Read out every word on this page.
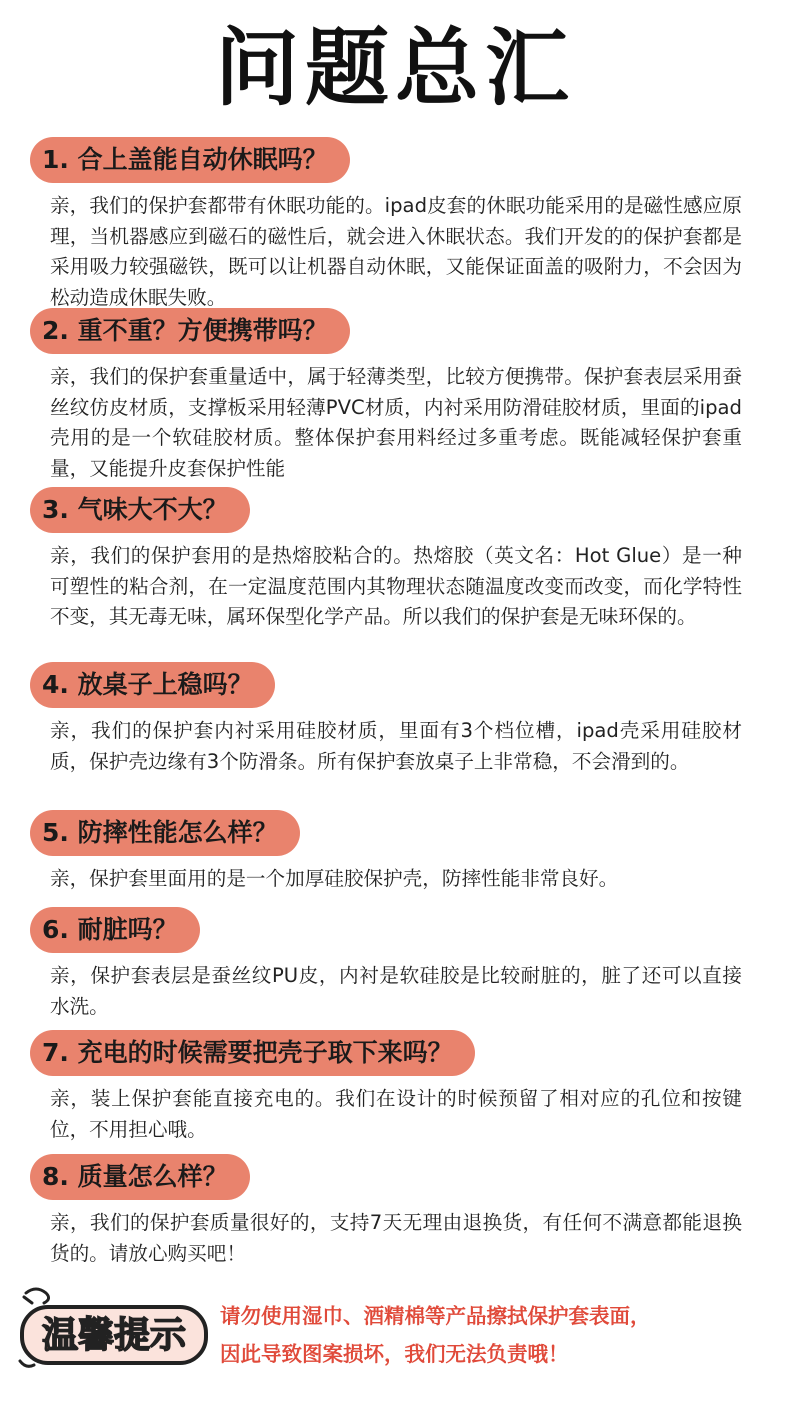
问题总汇
1. 合上盖能自动休眠吗？
亲，我们的保护套都带有休眠功能的。ipad皮套的休眠功能采用的是磁性感应原理，当机器感应到磁石的磁性后，就会进入休眠状态。我们开发的的保护套都是采用吸力较强磁铁，既可以让机器自动休眠，又能保证面盖的吸附力，不会因为松动造成休眠失败。
2. 重不重？方便携带吗？
亲，我们的保护套重量适中，属于轻薄类型，比较方便携带。保护套表层采用蚕丝纹仿皮材质，支撑板采用轻薄PVC材质，内衬采用防滑硅胶材质，里面的ipad壳用的是一个软硅胶材质。整体保护套用料经过多重考虑。既能减轻保护套重量，又能提升皮套保护性能
3. 气味大不大？
亲，我们的保护套用的是热熔胶粘合的。热熔胶（英文名：Hot Glue）是一种可塑性的粘合剂，在一定温度范围内其物理状态随温度改变而改变，而化学特性不变，其无毒无味，属环保型化学产品。所以我们的保护套是无味环保的。
4. 放桌子上稳吗？
亲，我们的保护套内衬采用硅胶材质，里面有3个档位槽，ipad壳采用硅胶材质，保护壳边缘有3个防滑条。所有保护套放桌子上非常稳，不会滑到的。
5. 防摔性能怎么样？
亲，保护套里面用的是一个加厚硅胶保护壳，防摔性能非常良好。
6. 耐脏吗？
亲，保护套表层是蚕丝纹PU皮，内衬是软硅胶是比较耐脏的，脏了还可以直接水洗。
7. 充电的时候需要把壳子取下来吗？
亲，装上保护套能直接充电的。我们在设计的时候预留了相对应的孔位和按键位，不用担心哦。
8. 质量怎么样？
亲，我们的保护套质量很好的，支持7天无理由退换货，有任何不满意都能退换货的。请放心购买吧！
温馨提示 请勿使用湿巾、酒精棉等产品擦拭保护套表面，
因此导致图案损坏，我们无法负责哦！
